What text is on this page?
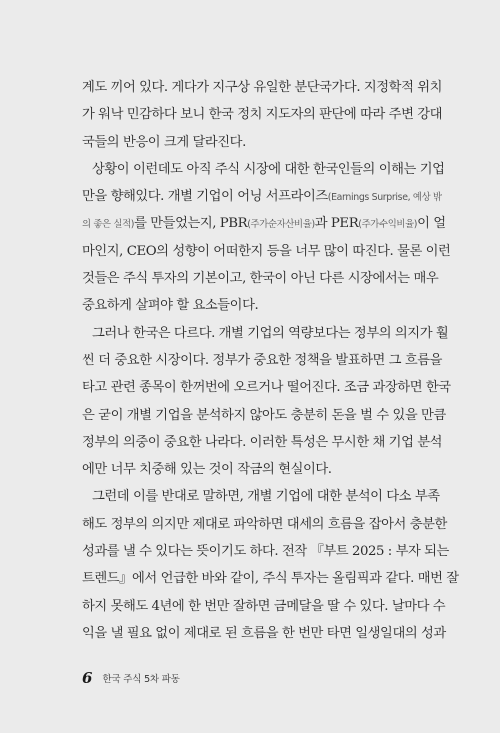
계도 끼어 있다. 게다가 지구상 유일한 분단국가다. 지정학적 위치
가 워낙 민감하다 보니 한국 정치 지도자의 판단에 따라 주변 강대
국들의 반응이 크게 달라진다.
상황이 이런데도 아직 주식 시장에 대한 한국인들의 이해는 기업
만을 향해있다. 개별 기업이 어닝 서프라이즈(Earnings Surprise, 예상 밖
의 좋은 실적)를 만들었는지, PBR(주가순자산비율)과 PER(주가수익비율)이 얼
마인지, CEO의 성향이 어떠한지 등을 너무 많이 따진다. 물론 이런
것들은 주식 투자의 기본이고, 한국이 아닌 다른 시장에서는 매우
중요하게 살펴야 할 요소들이다.
그러나 한국은 다르다. 개별 기업의 역량보다는 정부의 의지가 훨
씬 더 중요한 시장이다. 정부가 중요한 정책을 발표하면 그 흐름을
타고 관련 종목이 한꺼번에 오르거나 떨어진다. 조금 과장하면 한국
은 굳이 개별 기업을 분석하지 않아도 충분히 돈을 벌 수 있을 만큼
정부의 의중이 중요한 나라다. 이러한 특성은 무시한 채 기업 분석
에만 너무 치중해 있는 것이 작금의 현실이다.
그런데 이를 반대로 말하면, 개별 기업에 대한 분석이 다소 부족
해도 정부의 의지만 제대로 파악하면 대세의 흐름을 잡아서 충분한
성과를 낼 수 있다는 뜻이기도 하다. 전작 『부트 2025 : 부자 되는
트렌드』에서 언급한 바와 같이, 주식 투자는 올림픽과 같다. 매번 잘
하지 못해도 4년에 한 번만 잘하면 금메달을 딸 수 있다. 날마다 수
익을 낼 필요 없이 제대로 된 흐름을 한 번만 타면 일생일대의 성과
6 한국 주식 5차 파동
